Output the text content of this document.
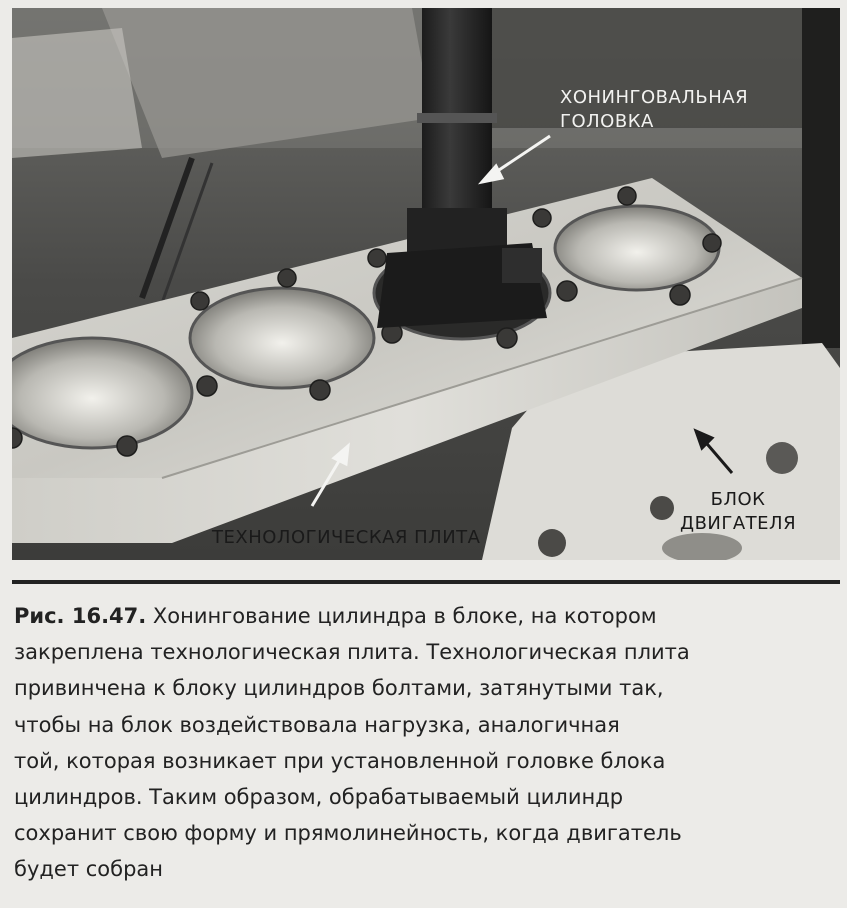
ХОНИНГОВАЛЬНАЯ
ГОЛОВКА
ТЕХНОЛОГИЧЕСКАЯ ПЛИТА
БЛОК
ДВИГАТЕЛЯ
Рис. 16.47. Хонингование цилиндра в блоке, на котором
закреплена технологическая плита. Технологическая плита
привинчена к блоку цилиндров болтами, затянутыми так,
чтобы на блок воздействовала нагрузка, аналогичная
той, которая возникает при установленной головке блока
цилиндров. Таким образом, обрабатываемый цилиндр
сохранит свою форму и прямолинейность, когда двигатель
будет собран
